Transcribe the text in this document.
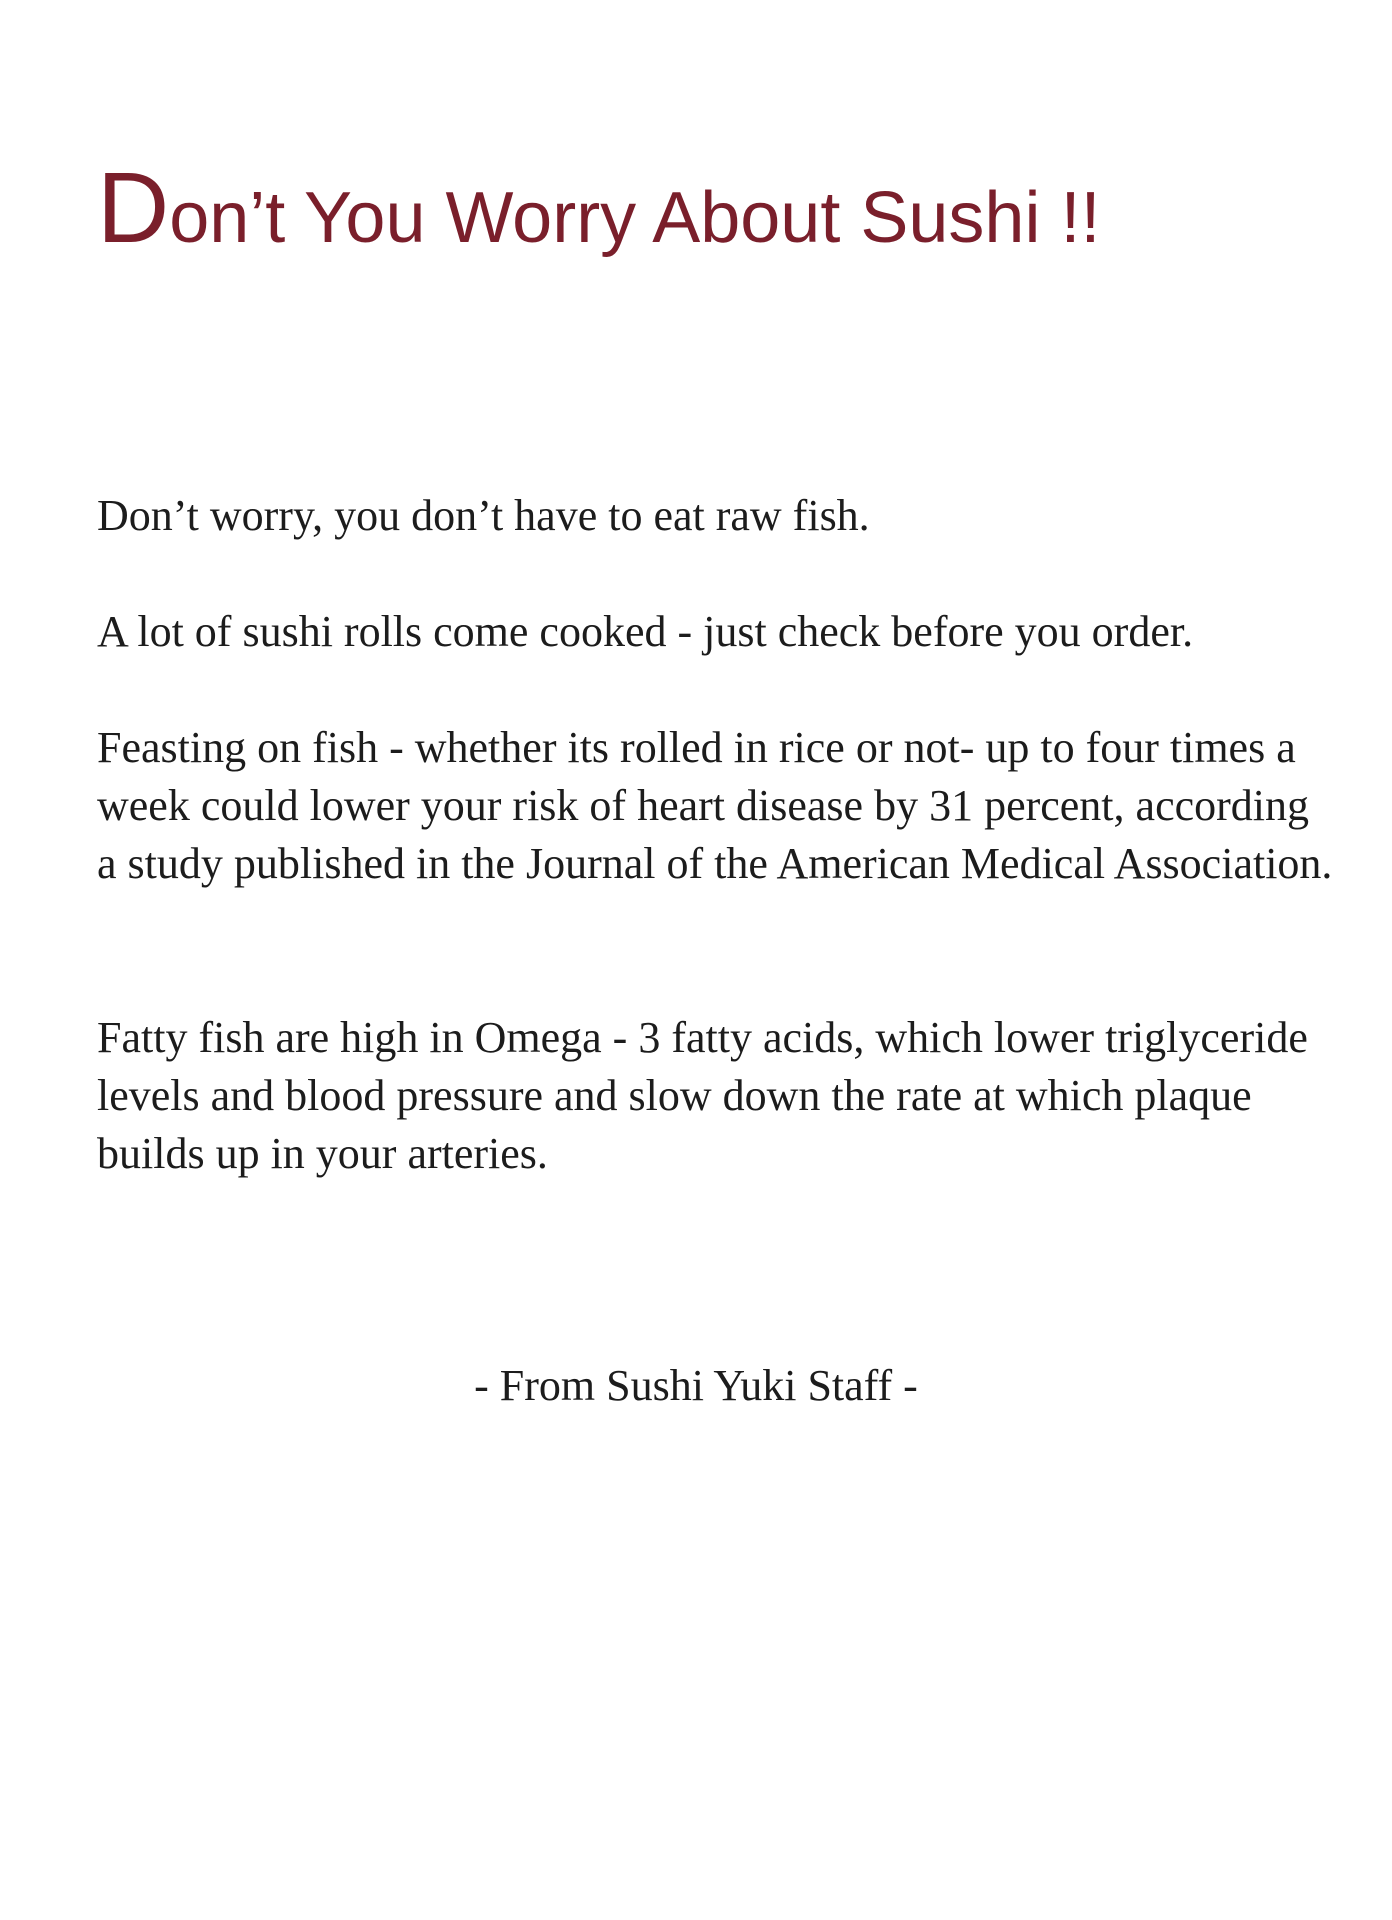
Don’t You Worry About Sushi !!

Don’t worry, you don’t have to eat raw fish.

A lot of sushi rolls come cooked - just check before you order.

Feasting on fish - whether its rolled in rice or not- up to four times a week could lower your risk of heart disease by 31 percent, according a study published in the Journal of the American Medical Association.

Fatty fish are high in Omega - 3 fatty acids, which lower triglyceride levels and blood pressure and slow down the rate at which plaque builds up in your arteries.

- From Sushi Yuki Staff -
